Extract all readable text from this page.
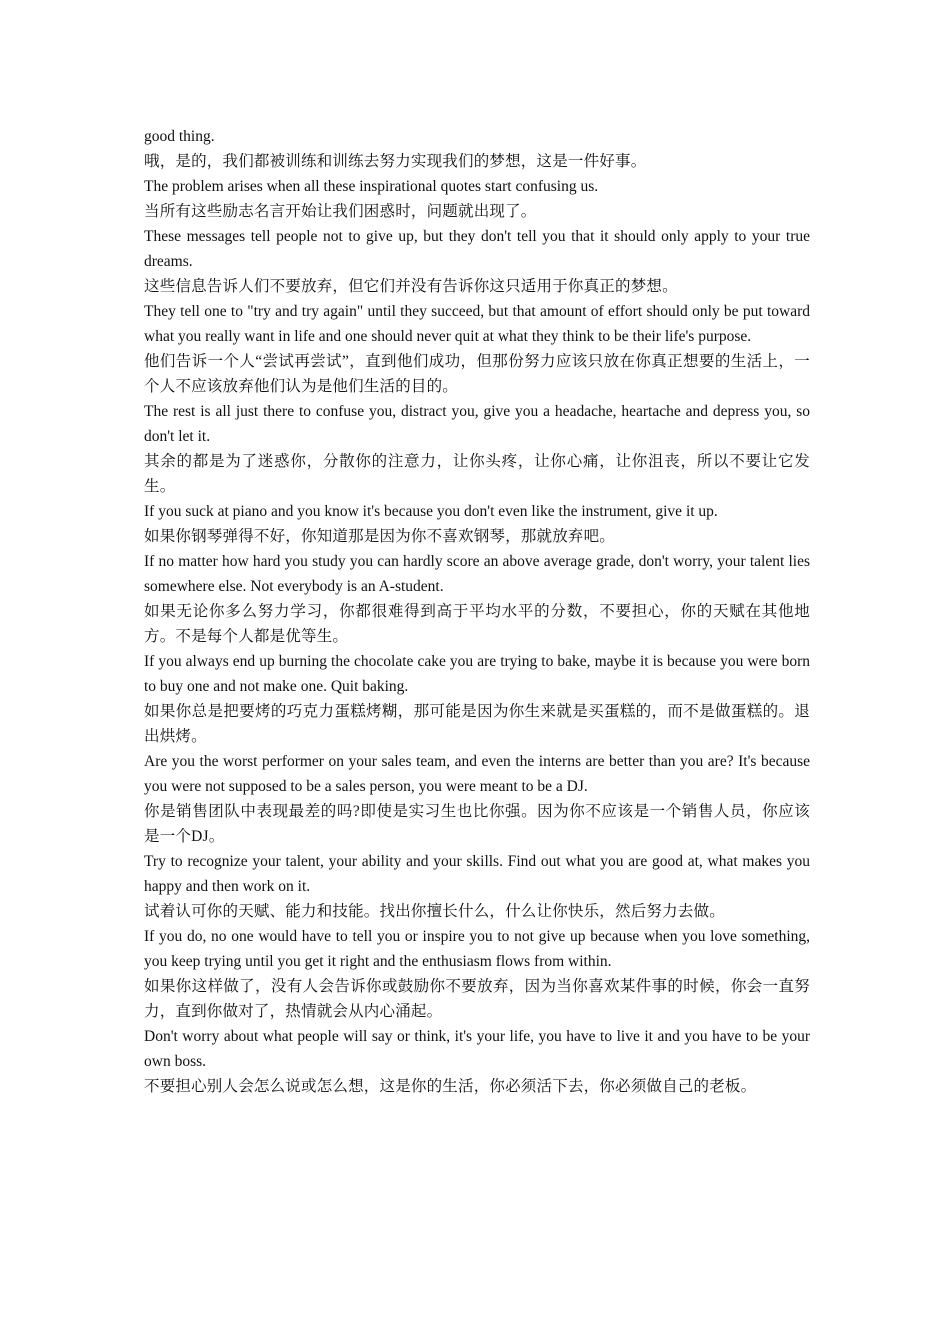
good thing.

哦，是的，我们都被训练和训练去努力实现我们的梦想，这是一件好事。

The problem arises when all these inspirational quotes start confusing us.

当所有这些励志名言开始让我们困惑时，问题就出现了。

These messages tell people not to give up, but they don't tell you that it should only apply to your true dreams.

这些信息告诉人们不要放弃，但它们并没有告诉你这只适用于你真正的梦想。

They tell one to "try and try again" until they succeed, but that amount of effort should only be put toward what you really want in life and one should never quit at what they think to be their life's purpose.

他们告诉一个人“尝试再尝试”，直到他们成功，但那份努力应该只放在你真正想要的生活上，一个人不应该放弃他们认为是他们生活的目的。

The rest is all just there to confuse you, distract you, give you a headache, heartache and depress you, so don't let it.

其余的都是为了迷惑你，分散你的注意力，让你头疼，让你心痛，让你沮丧，所以不要让它发生。

If you suck at piano and you know it's because you don't even like the instrument, give it up.

如果你钢琴弹得不好，你知道那是因为你不喜欢钢琴，那就放弃吧。

If no matter how hard you study you can hardly score an above average grade, don't worry, your talent lies somewhere else. Not everybody is an A-student.

如果无论你多么努力学习，你都很难得到高于平均水平的分数，不要担心，你的天赋在其他地方。不是每个人都是优等生。

If you always end up burning the chocolate cake you are trying to bake, maybe it is because you were born to buy one and not make one. Quit baking.

如果你总是把要烤的巧克力蛋糕烤糊，那可能是因为你生来就是买蛋糕的，而不是做蛋糕的。退出烘烤。

Are you the worst performer on your sales team, and even the interns are better than you are? It's because you were not supposed to be a sales person, you were meant to be a DJ.

你是销售团队中表现最差的吗?即使是实习生也比你强。因为你不应该是一个销售人员，你应该是一个DJ。

Try to recognize your talent, your ability and your skills. Find out what you are good at, what makes you happy and then work on it.

试着认可你的天赋、能力和技能。找出你擅长什么，什么让你快乐，然后努力去做。

If you do, no one would have to tell you or inspire you to not give up because when you love something, you keep trying until you get it right and the enthusiasm flows from within.

如果你这样做了，没有人会告诉你或鼓励你不要放弃，因为当你喜欢某件事的时候，你会一直努力，直到你做对了，热情就会从内心涌起。

Don't worry about what people will say or think, it's your life, you have to live it and you have to be your own boss.

不要担心别人会怎么说或怎么想，这是你的生活，你必须活下去，你必须做自己的老板。
